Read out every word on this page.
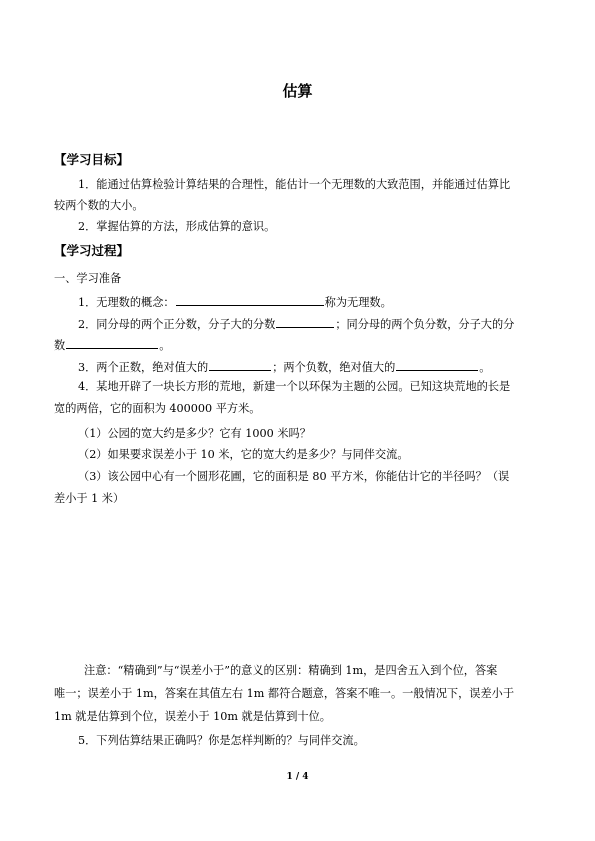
估算
【学习目标】
1．能通过估算检验计算结果的合理性，能估计一个无理数的大致范围，并能通过估算比
较两个数的大小。
2．掌握估算的方法，形成估算的意识。
【学习过程】
一、学习准备
1．无理数的概念：	称为无理数。
2．同分母的两个正分数，分子大的分数	；同分母的两个负分数，分子大的分
数	。
3．两个正数，绝对值大的	；两个负数，绝对值大的	。
4．某地开辟了一块长方形的荒地，新建一个以环保为主题的公园。已知这块荒地的长是
宽的两倍，它的面积为 400000 平方米。
（1）公园的宽大约是多少？它有 1000 米吗？
（2）如果要求误差小于 10 米，它的宽大约是多少？与同伴交流。
（3）该公园中心有一个圆形花圃，它的面积是 80 平方米，你能估计它的半径吗？（误
差小于 1 米）
注意：“精确到”与“误差小于”的意义的区别：精确到 1m，是四舍五入到个位，答案
唯一；误差小于 1m，答案在其值左右 1m 都符合题意，答案不唯一。一般情况下，误差小于
1m 就是估算到个位，误差小于 10m 就是估算到十位。
5．下列估算结果正确吗？你是怎样判断的？与同伴交流。
1 / 4
